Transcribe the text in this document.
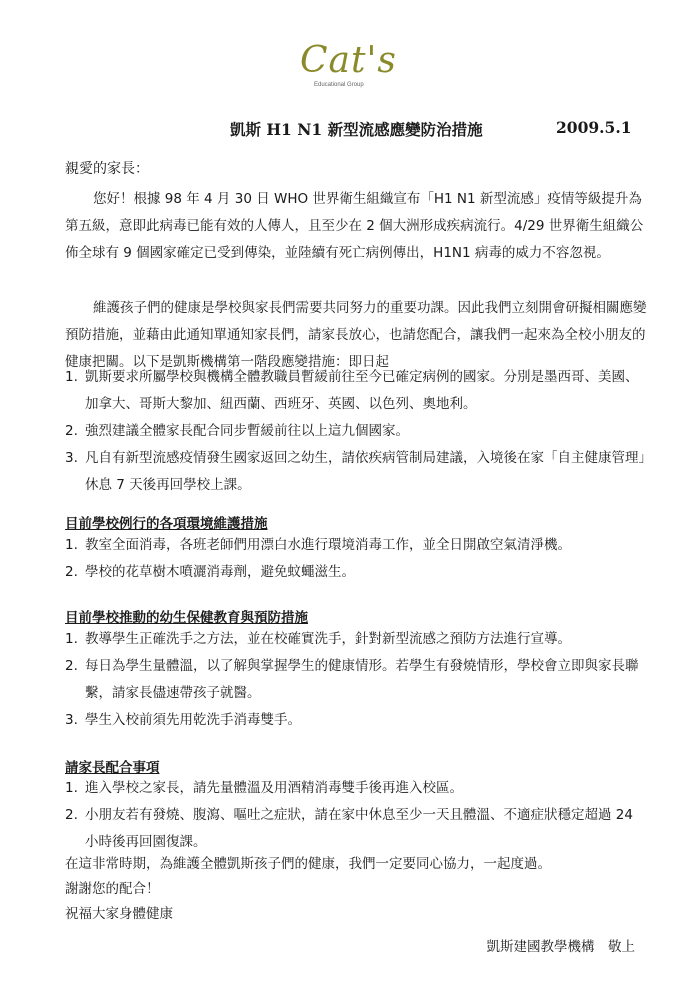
Cat's
Educational Group
凱斯 H1 N1 新型流感應變防治措施	2009.5.1
親愛的家長：
您好！根據 98 年 4 月 30 日 WHO 世界衛生組織宣布「H1 N1 新型流感」疫情等級提升為第五級，意即此病毒已能有效的人傳人，且至少在 2 個大洲形成疾病流行。4/29 世界衛生組織公佈全球有 9 個國家確定已受到傳染，並陸續有死亡病例傳出，H1N1 病毒的威力不容忽視。
維護孩子們的健康是學校與家長們需要共同努力的重要功課。因此我們立刻開會研擬相關應變預防措施，並藉由此通知單通知家長們，請家長放心，也請您配合，讓我們一起來為全校小朋友的健康把關。以下是凱斯機構第一階段應變措施：即日起
1. 凱斯要求所屬學校與機構全體教職員暫緩前往至今已確定病例的國家。分別是墨西哥、美國、加拿大、哥斯大黎加、紐西蘭、西班牙、英國、以色列、奧地利。
2. 強烈建議全體家長配合同步暫緩前往以上這九個國家。
3. 凡自有新型流感疫情發生國家返回之幼生，請依疾病管制局建議，入境後在家「自主健康管理」休息 7 天後再回學校上課。
目前學校例行的各項環境維護措施
1. 教室全面消毒，各班老師們用漂白水進行環境消毒工作，並全日開啟空氣清淨機。
2. 學校的花草樹木噴灑消毒劑，避免蚊蠅滋生。
目前學校推動的幼生保健教育與預防措施
1. 教導學生正確洗手之方法，並在校確實洗手，針對新型流感之預防方法進行宣導。
2. 每日為學生量體溫，以了解與掌握學生的健康情形。若學生有發燒情形，學校會立即與家長聯繫，請家長儘速帶孩子就醫。
3. 學生入校前須先用乾洗手消毒雙手。
請家長配合事項
1. 進入學校之家長，請先量體溫及用酒精消毒雙手後再進入校區。
2. 小朋友若有發燒、腹瀉、嘔吐之症狀，請在家中休息至少一天且體溫、不適症狀穩定超過 24 小時後再回園復課。
在這非常時期，為維護全體凱斯孩子們的健康，我們一定要同心協力，一起度過。
謝謝您的配合！
祝福大家身體健康
凱斯建國教學機構　敬上
